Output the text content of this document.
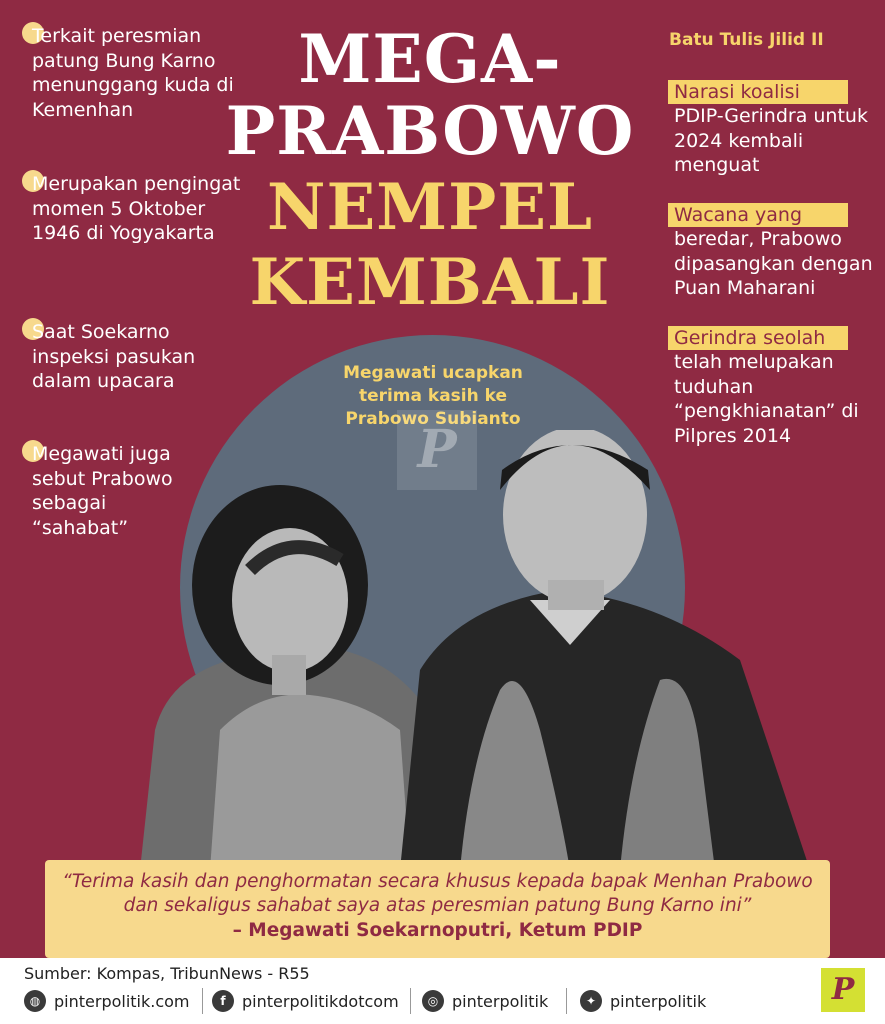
Terkait peresmian patung Bung Karno menunggang kuda di Kemenhan
Merupakan pengingat momen 5 Oktober 1946 di Yogyakarta
Saat Soekarno inspeksi pasukan dalam upacara
Megawati juga sebut Prabowo sebagai “sahabat”
MEGA-
PRABOWO
NEMPEL
KEMBALI
Batu Tulis Jilid II
Narasi koalisi
PDIP-Gerindra untuk 2024 kembali menguat
Wacana yang
beredar, Prabowo dipasangkan dengan Puan Maharani
Gerindra seolah
telah melupakan tuduhan “pengkhianatan” di Pilpres 2014
Megawati ucapkan terima kasih ke Prabowo Subianto
P
“Terima kasih dan penghormatan secara khusus kepada bapak Menhan Prabowo dan sekaligus sahabat saya atas peresmian patung Bung Karno ini”
– Megawati Soekarnoputri, Ketum PDIP
Sumber: Kompas, TribunNews - R55
◍ pinterpolitik.com	f	pinterpolitikdotcom	◎ pinterpolitik	✦ pinterpolitik	P
